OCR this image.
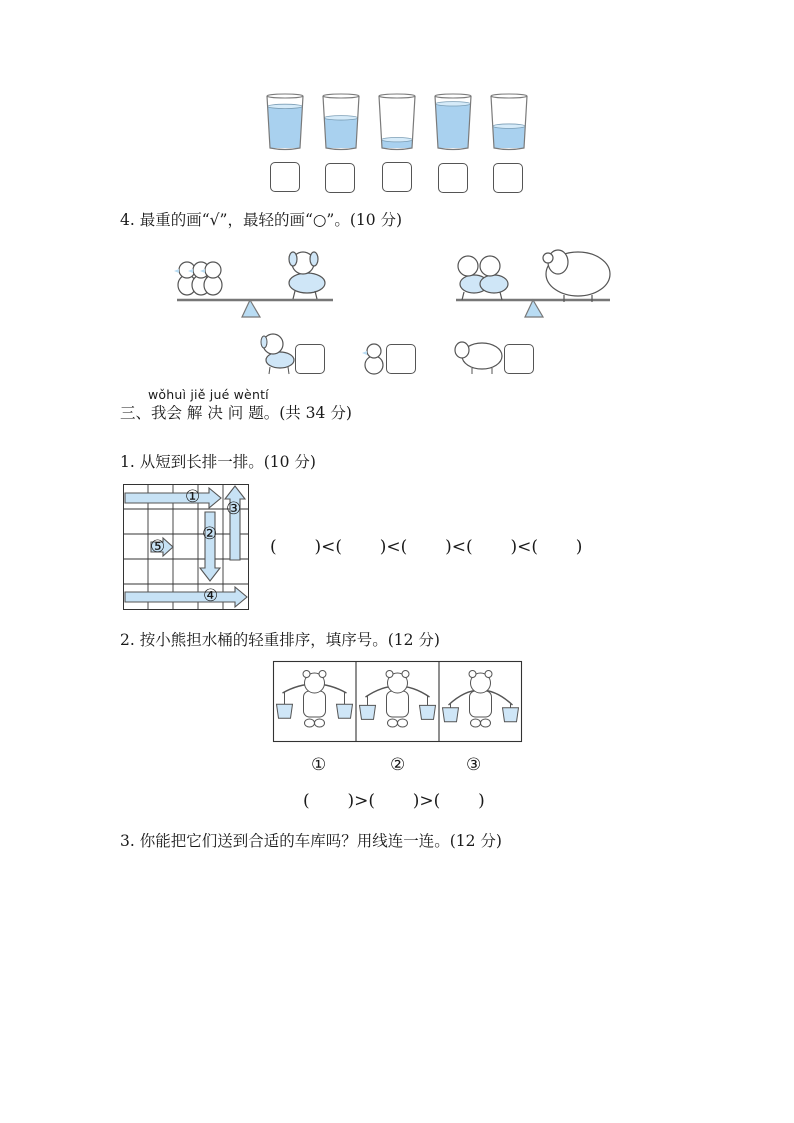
4. 最重的画“√”，最轻的画“○”。(10 分)
wǒhuì jiě jué wèntí
三、我会 解 决 问 题。(共 34 分)
1. 从短到长排一排。(10 分)
①
②
③
④
⑤	(       )<(       )<(       )<(       )<(       )
2. 按小熊担水桶的轻重排序，填序号。(12 分)
①	②	③
(       )>(       )>(       )
3. 你能把它们送到合适的车库吗？用线连一连。(12 分)
